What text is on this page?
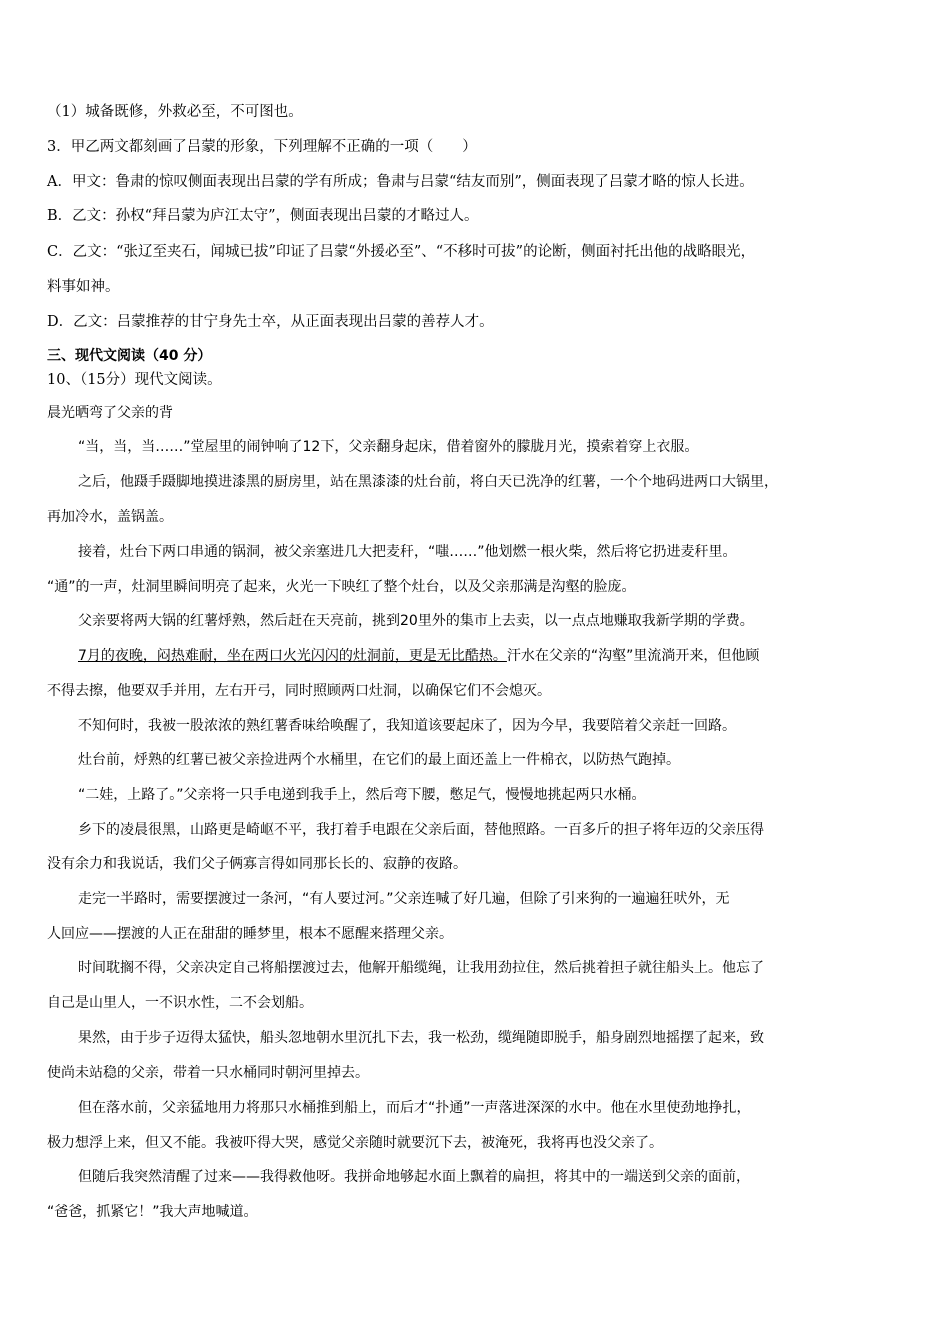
（1）城备既修，外救必至，不可图也。
3．甲乙两文都刻画了吕蒙的形象，下列理解不正确的一项（　　）
A．甲文：鲁肃的惊叹侧面表现出吕蒙的学有所成；鲁肃与吕蒙“结友而别”，侧面表现了吕蒙才略的惊人长进。
B．乙文：孙权“拜吕蒙为庐江太守”，侧面表现出吕蒙的才略过人。
C．乙文：“张辽至夹石，闻城已拔”印证了吕蒙“外援必至”、“不移时可拔”的论断，侧面衬托出他的战略眼光，
料事如神。
D．乙文：吕蒙推荐的甘宁身先士卒，从正面表现出吕蒙的善荐人才。
三、现代文阅读（40 分）
10、（15分）现代文阅读。
晨光晒弯了父亲的背
“当，当，当……”堂屋里的闹钟响了12下，父亲翻身起床，借着窗外的朦胧月光，摸索着穿上衣服。
之后，他蹑手蹑脚地摸进漆黑的厨房里，站在黑漆漆的灶台前，将白天已洗净的红薯，一个个地码进两口大锅里，
再加冷水，盖锅盖。
接着，灶台下两口串通的锅洞，被父亲塞进几大把麦秆，“嗤……”他划燃一根火柴，然后将它扔进麦秆里。
“通”的一声，灶洞里瞬间明亮了起来，火光一下映红了整个灶台，以及父亲那满是沟壑的脸庞。
父亲要将两大锅的红薯烀熟，然后赶在天亮前，挑到20里外的集市上去卖，以一点点地赚取我新学期的学费。
7月的夜晚，闷热难耐，坐在两口火光闪闪的灶洞前，更是无比酷热。汗水在父亲的“沟壑”里流淌开来，但他顾
不得去擦，他要双手并用，左右开弓，同时照顾两口灶洞，以确保它们不会熄灭。
不知何时，我被一股浓浓的熟红薯香味给唤醒了，我知道该要起床了，因为今早，我要陪着父亲赶一回路。
灶台前，烀熟的红薯已被父亲捡进两个水桶里，在它们的最上面还盖上一件棉衣，以防热气跑掉。
“二娃，上路了。”父亲将一只手电递到我手上，然后弯下腰，憋足气，慢慢地挑起两只水桶。
乡下的凌晨很黑，山路更是崎岖不平，我打着手电跟在父亲后面，替他照路。一百多斤的担子将年迈的父亲压得
没有余力和我说话，我们父子俩寡言得如同那长长的、寂静的夜路。
走完一半路时，需要摆渡过一条河，“有人要过河。”父亲连喊了好几遍，但除了引来狗的一遍遍狂吠外，无
人回应——摆渡的人正在甜甜的睡梦里，根本不愿醒来搭理父亲。
时间耽搁不得，父亲决定自己将船摆渡过去，他解开船缆绳，让我用劲拉住，然后挑着担子就往船头上。他忘了
自己是山里人，一不识水性，二不会划船。
果然，由于步子迈得太猛快，船头忽地朝水里沉扎下去，我一松劲，缆绳随即脱手，船身剧烈地摇摆了起来，致
使尚未站稳的父亲，带着一只水桶同时朝河里掉去。
但在落水前，父亲猛地用力将那只水桶推到船上，而后才“扑通”一声落进深深的水中。他在水里使劲地挣扎，
极力想浮上来，但又不能。我被吓得大哭，感觉父亲随时就要沉下去，被淹死，我将再也没父亲了。
但随后我突然清醒了过来——我得救他呀。我拼命地够起水面上飘着的扁担，将其中的一端送到父亲的面前，
“爸爸，抓紧它！”我大声地喊道。
